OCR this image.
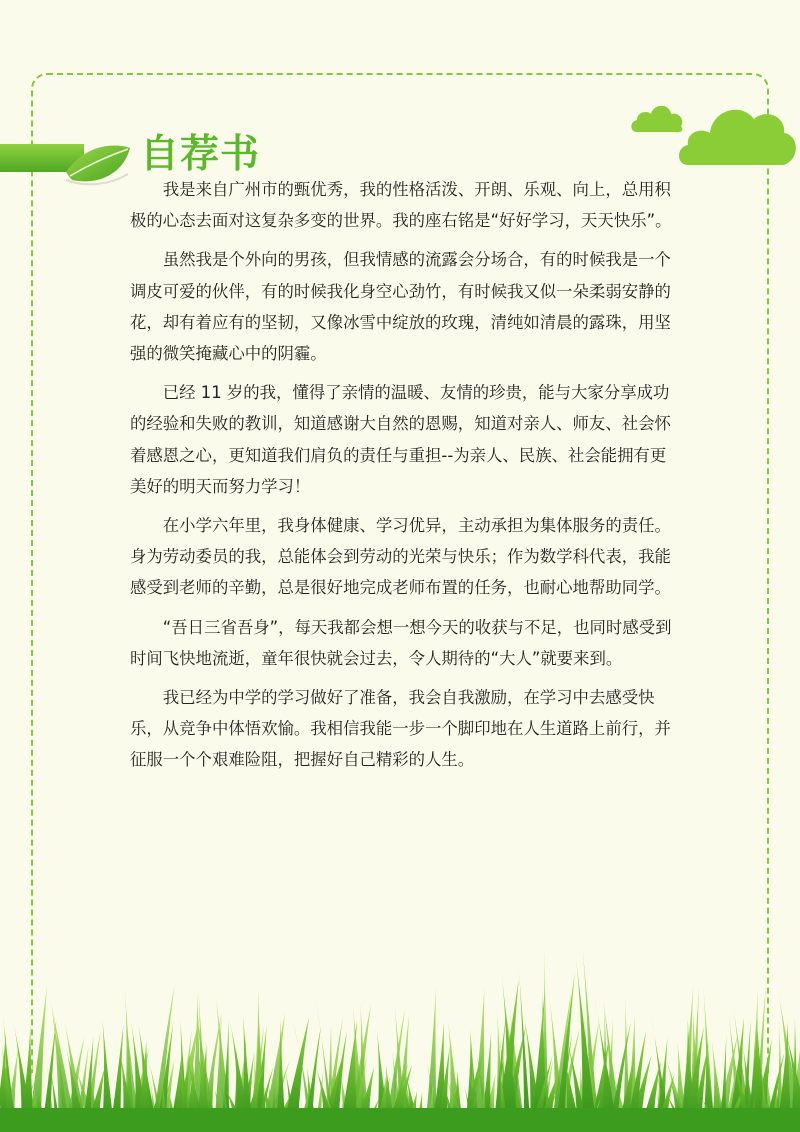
自荐书

我是来自广州市的甄优秀，我的性格活泼、开朗、乐观、向上，总用积极的心态去面对这复杂多变的世界。我的座右铭是“好好学习，天天快乐”。

虽然我是个外向的男孩，但我情感的流露会分场合，有的时候我是一个调皮可爱的伙伴，有的时候我化身空心劲竹，有时候我又似一朵柔弱安静的花，却有着应有的坚韧，又像冰雪中绽放的玫瑰，清纯如清晨的露珠，用坚强的微笑掩藏心中的阴霾。

已经 11 岁的我，懂得了亲情的温暖、友情的珍贵，能与大家分享成功的经验和失败的教训，知道感谢大自然的恩赐，知道对亲人、师友、社会怀着感恩之心，更知道我们肩负的责任与重担--为亲人、民族、社会能拥有更美好的明天而努力学习！

在小学六年里，我身体健康、学习优异，主动承担为集体服务的责任。身为劳动委员的我，总能体会到劳动的光荣与快乐；作为数学科代表，我能感受到老师的辛勤，总是很好地完成老师布置的任务，也耐心地帮助同学。

“吾日三省吾身”，每天我都会想一想今天的收获与不足，也同时感受到时间飞快地流逝，童年很快就会过去，令人期待的“大人”就要来到。

我已经为中学的学习做好了准备，我会自我激励，在学习中去感受快乐，从竞争中体悟欢愉。我相信我能一步一个脚印地在人生道路上前行，并征服一个个艰难险阻，把握好自己精彩的人生。
